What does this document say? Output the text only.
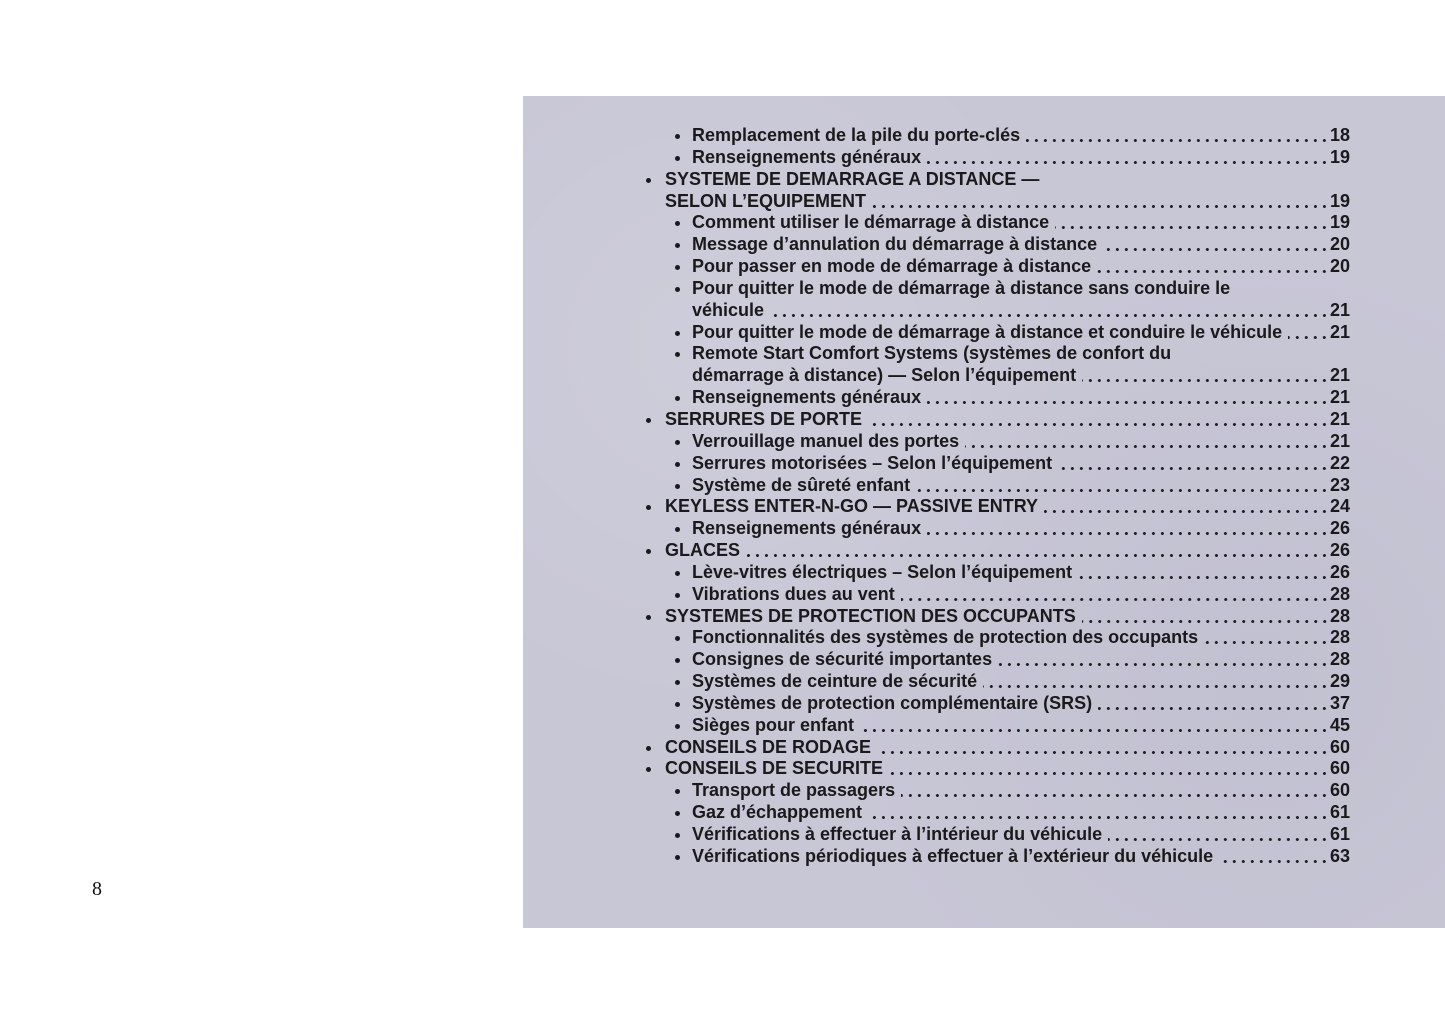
8
Remplacement de la pile du porte-clés	18
Renseignements généraux	19
SYSTEME DE DEMARRAGE A DISTANCE —
SELON L’EQUIPEMENT	19
Comment utiliser le démarrage à distance	19
Message d’annulation du démarrage à distance	20
Pour passer en mode de démarrage à distance	20
Pour quitter le mode de démarrage à distance sans conduire le
véhicule	21
Pour quitter le mode de démarrage à distance et conduire le véhicule	21
Remote Start Comfort Systems (systèmes de confort du
démarrage à distance) — Selon l’équipement	21
Renseignements généraux	21
SERRURES DE PORTE	21
Verrouillage manuel des portes	21
Serrures motorisées – Selon l’équipement	22
Système de sûreté enfant	23
KEYLESS ENTER-N-GO — PASSIVE ENTRY	24
Renseignements généraux	26
GLACES	26
Lève-vitres électriques – Selon l’équipement	26
Vibrations dues au vent	28
SYSTEMES DE PROTECTION DES OCCUPANTS	28
Fonctionnalités des systèmes de protection des occupants	28
Consignes de sécurité importantes	28
Systèmes de ceinture de sécurité	29
Systèmes de protection complémentaire (SRS)	37
Sièges pour enfant	45
CONSEILS DE RODAGE	60
CONSEILS DE SECURITE	60
Transport de passagers	60
Gaz d’échappement	61
Vérifications à effectuer à l’intérieur du véhicule	61
Vérifications périodiques à effectuer à l’extérieur du véhicule	63
